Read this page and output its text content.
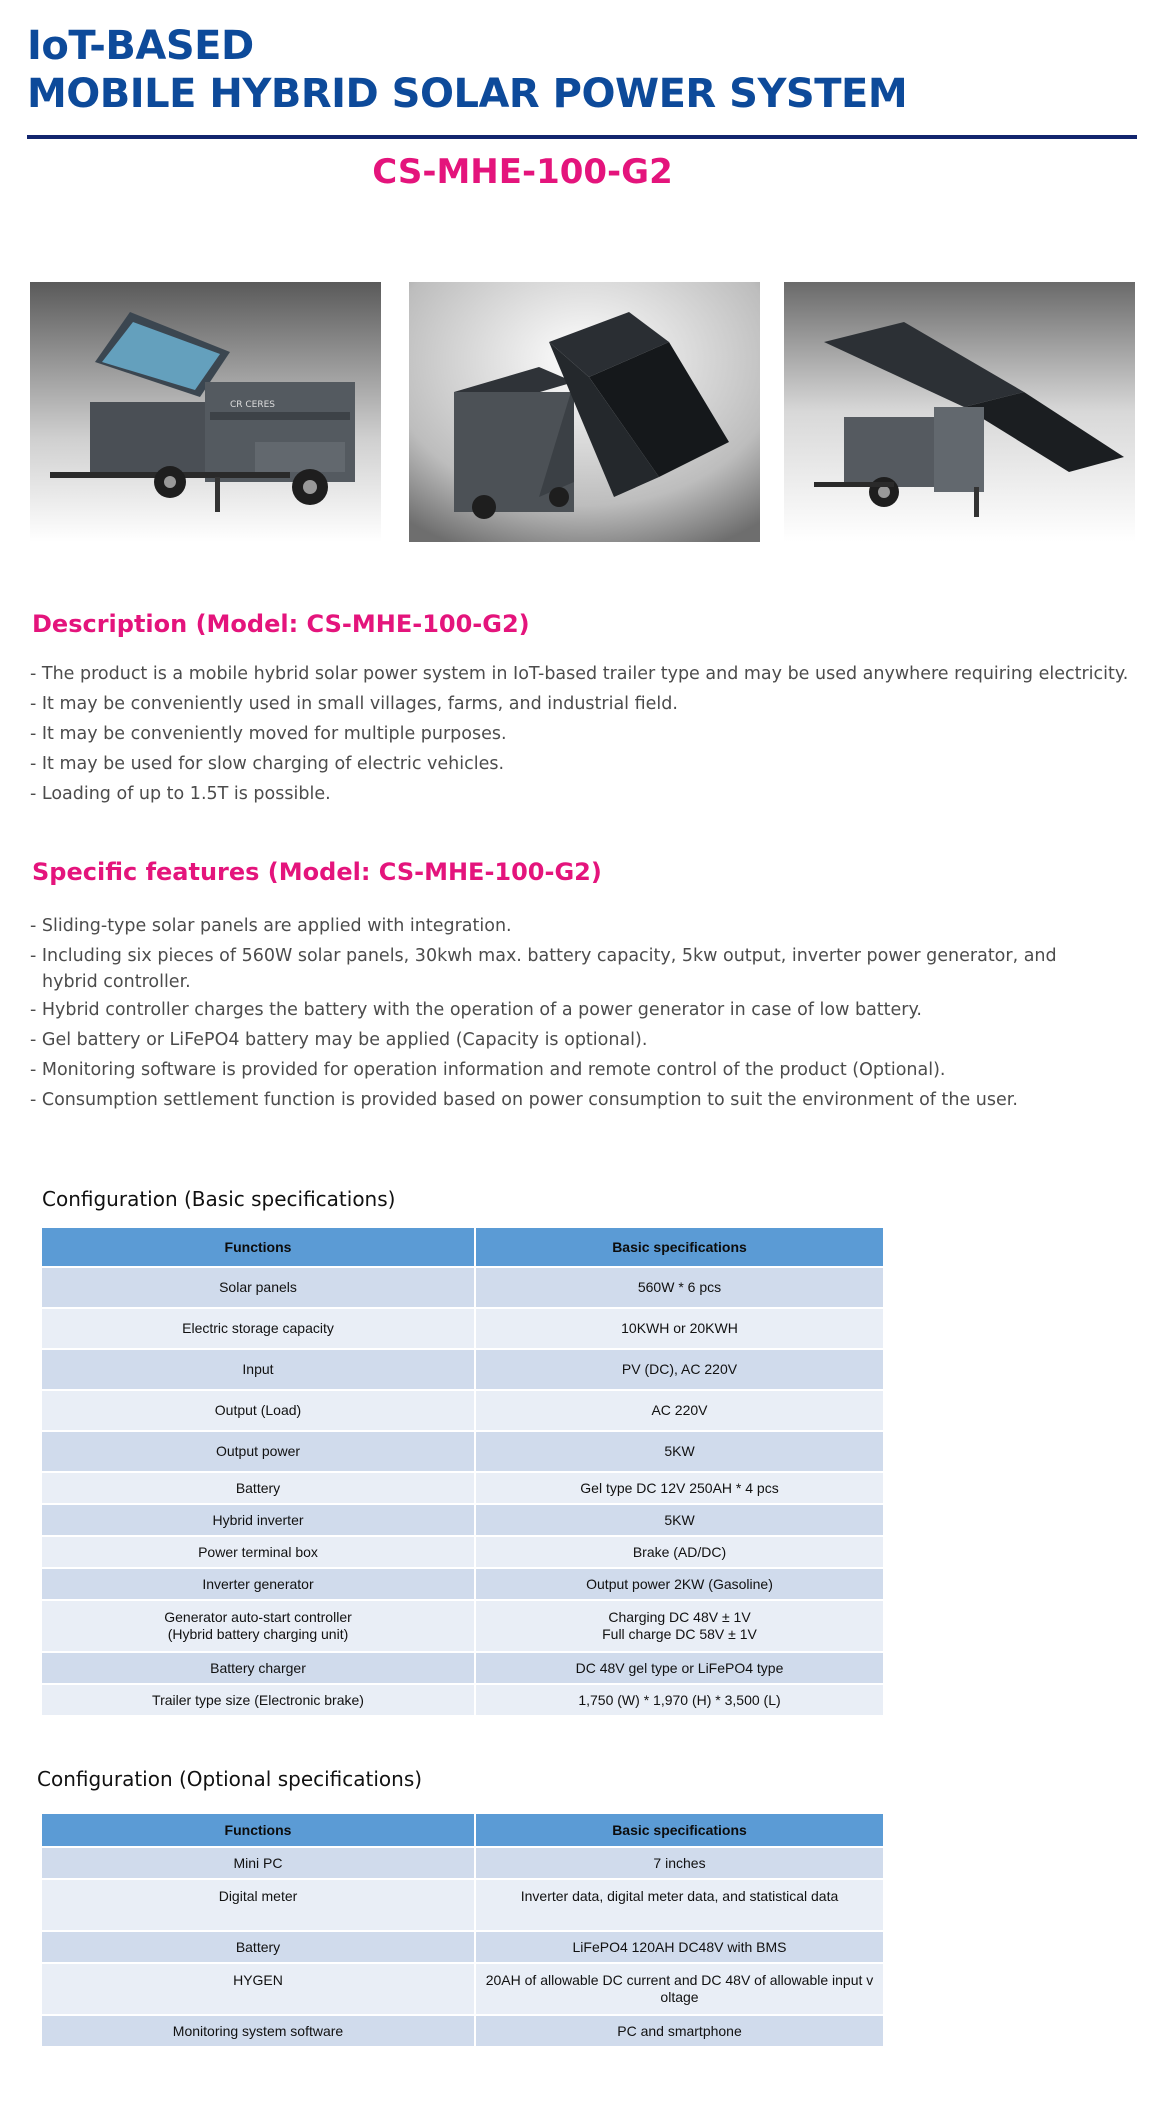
IoT-BASED
MOBILE HYBRID SOLAR POWER SYSTEM
CS-MHE-100-G2
CR CERES
Description (Model: CS-MHE-100-G2)
- The product is a mobile hybrid solar power system in IoT-based trailer type and may be used anywhere requiring electricity.
- It may be conveniently used in small villages, farms, and industrial field.
- It may be conveniently moved for multiple purposes.
- It may be used for slow charging of electric vehicles.
- Loading of up to 1.5T is possible.
Specific features (Model: CS-MHE-100-G2)
- Sliding-type solar panels are applied with integration.
- Including six pieces of 560W solar panels, 30kwh max. battery capacity, 5kw output, inverter power generator, and
hybrid controller.
- Hybrid controller charges the battery with the operation of a power generator in case of low battery.
- Gel battery or LiFePO4 battery may be applied (Capacity is optional).
- Monitoring software is provided for operation information and remote control of the product (Optional).
- Consumption settlement function is provided based on power consumption to suit the environment of the user.
Configuration (Basic specifications)
Functions	Basic specifications
Solar panels	560W * 6 pcs
Electric storage capacity	10KWH or 20KWH
Input	PV (DC), AC 220V
Output (Load)	AC 220V
Output power	5KW
Battery	Gel type DC 12V 250AH * 4 pcs
Hybrid inverter	5KW
Power terminal box	Brake (AD/DC)
Inverter generator	Output power 2KW (Gasoline)
Generator auto-start controller
(Hybrid battery charging unit)	Charging DC 48V ± 1V
Full charge DC 58V ± 1V
Battery charger	DC 48V gel type or LiFePO4 type
Trailer type size (Electronic brake)	1,750 (W) * 1,970 (H) * 3,500 (L)
Configuration (Optional specifications)
Functions	Basic specifications
Mini PC	7 inches
Digital meter	Inverter data, digital meter data, and statistical data
Battery	LiFePO4 120AH DC48V with BMS
HYGEN	20AH of allowable DC current and DC 48V of allowable input v
oltage
Monitoring system software	PC and smartphone
